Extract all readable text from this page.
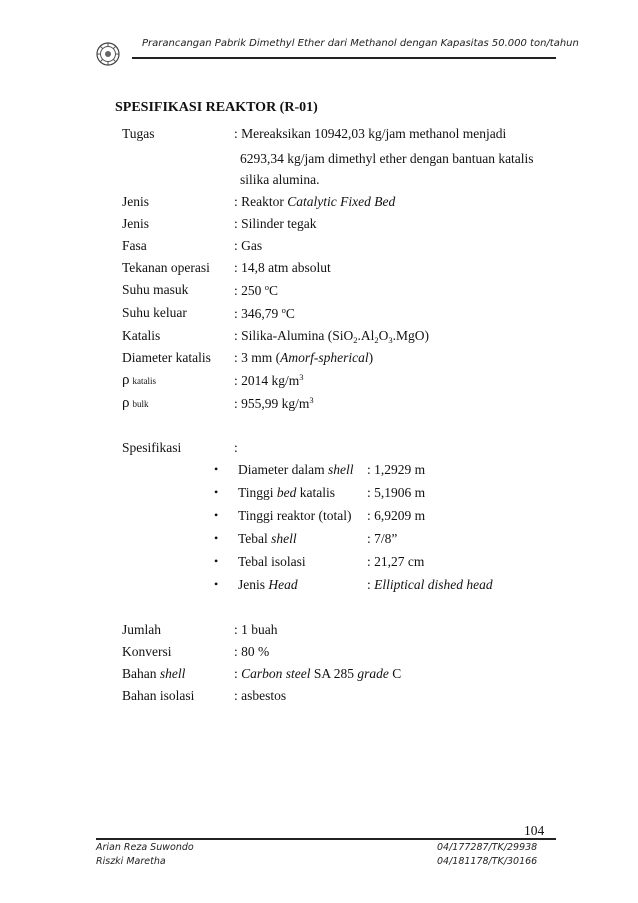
Prarancangan Pabrik Dimethyl Ether dari Methanol dengan Kapasitas 50.000 ton/tahun
SPESIFIKASI REAKTOR (R-01)
Tugas	: Mereaksikan 10942,03 kg/jam methanol menjadi
6293,34 kg/jam dimethyl ether dengan bantuan katalis
silika alumina.
Jenis	: Reaktor Catalytic Fixed Bed
Jenis	: Silinder tegak
Fasa	: Gas
Tekanan operasi : 14,8 atm absolut
Suhu masuk	: 250 $^o$C
Suhu keluar	: 346,79 $^o$C
Katalis	: Silika-Alumina $(SiO_2.Al_2O_3.MgO)$
Diameter katalis : 3 mm (Amorf-spherical)
ρkatalis	: 2014 $kg/m^3$
ρbulk	: 955,99 $kg/m^3$
Spesifikasi	:
• Diameter dalam shell : 1,2929 m
• Tinggi bed katalis : 5,1906 m
• Tinggi reaktor (total) : 6,9209 m
• Tebal shell	: 7/8”
• Tebal isolasi	: 21,27 cm
• Jenis Head	: Elliptical dished head
Jumlah	: 1 buah
Konversi	: 80 %
Bahan shell	: Carbon steel SA 285 grade C
Bahan isolasi	: asbestos
104
Arian Reza Suwondo
Riszki Maretha
04/177287/TK/29938
04/181178/TK/30166
